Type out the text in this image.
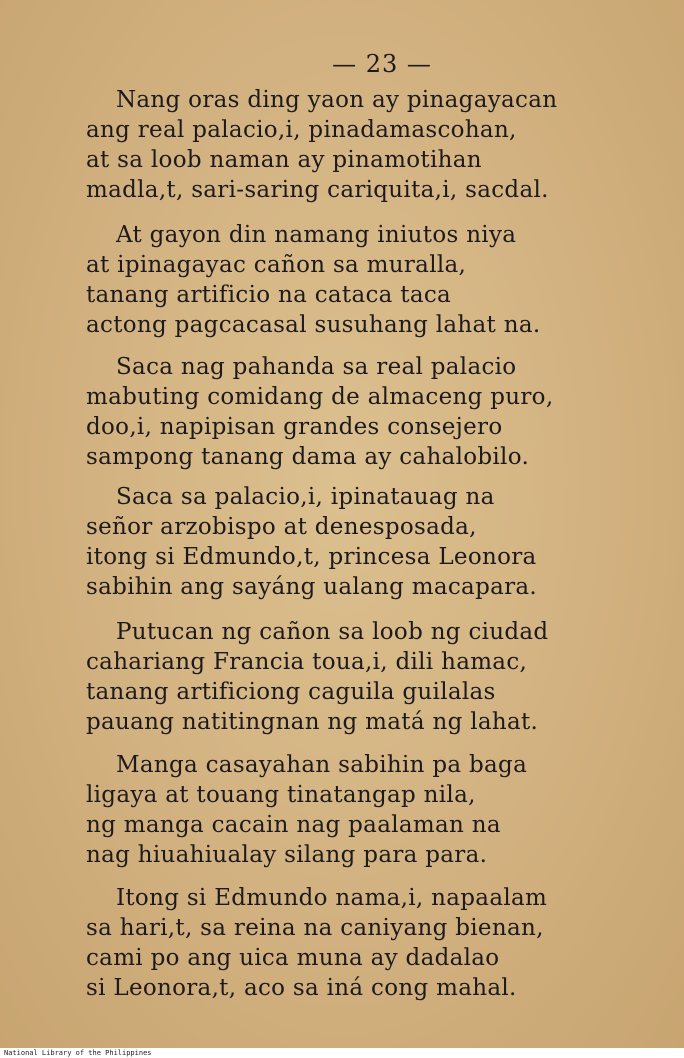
— 23 —
Nang oras ding yaon ay pinagayacan
ang real palacio,i, pinadamascohan,
at sa loob naman ay pinamotihan
madla,t, sari-saring cariquita,i, sacdal.
At gayon din namang iniutos niya
at ipinagayac cañon sa muralla,
tanang artificio na cataca taca
actong pagcacasal susuhang lahat na.
Saca nag pahanda sa real palacio
mabuting comidang de almaceng puro,
doo,i, napipisan grandes consejero
sampong tanang dama ay cahalobilo.
Saca sa palacio,i, ipinatauag na
señor arzobispo at denesposada,
itong si Edmundo,t, princesa Leonora
sabihin ang sayáng ualang macapara.
Putucan ng cañon sa loob ng ciudad
cahariang Francia toua,i, dili hamac,
tanang artificiong caguila guilalas
pauang natitingnan ng matá ng lahat.
Manga casayahan sabihin pa baga
ligaya at touang tinatangap nila,
ng manga cacain nag paalaman na
nag hiuahiualay silang para para.
Itong si Edmundo nama,i, napaalam
sa hari,t, sa reina na caniyang bienan,
cami po ang uica muna ay dadalao
si Leonora,t, aco sa iná cong mahal.
National Library of the Philippines
